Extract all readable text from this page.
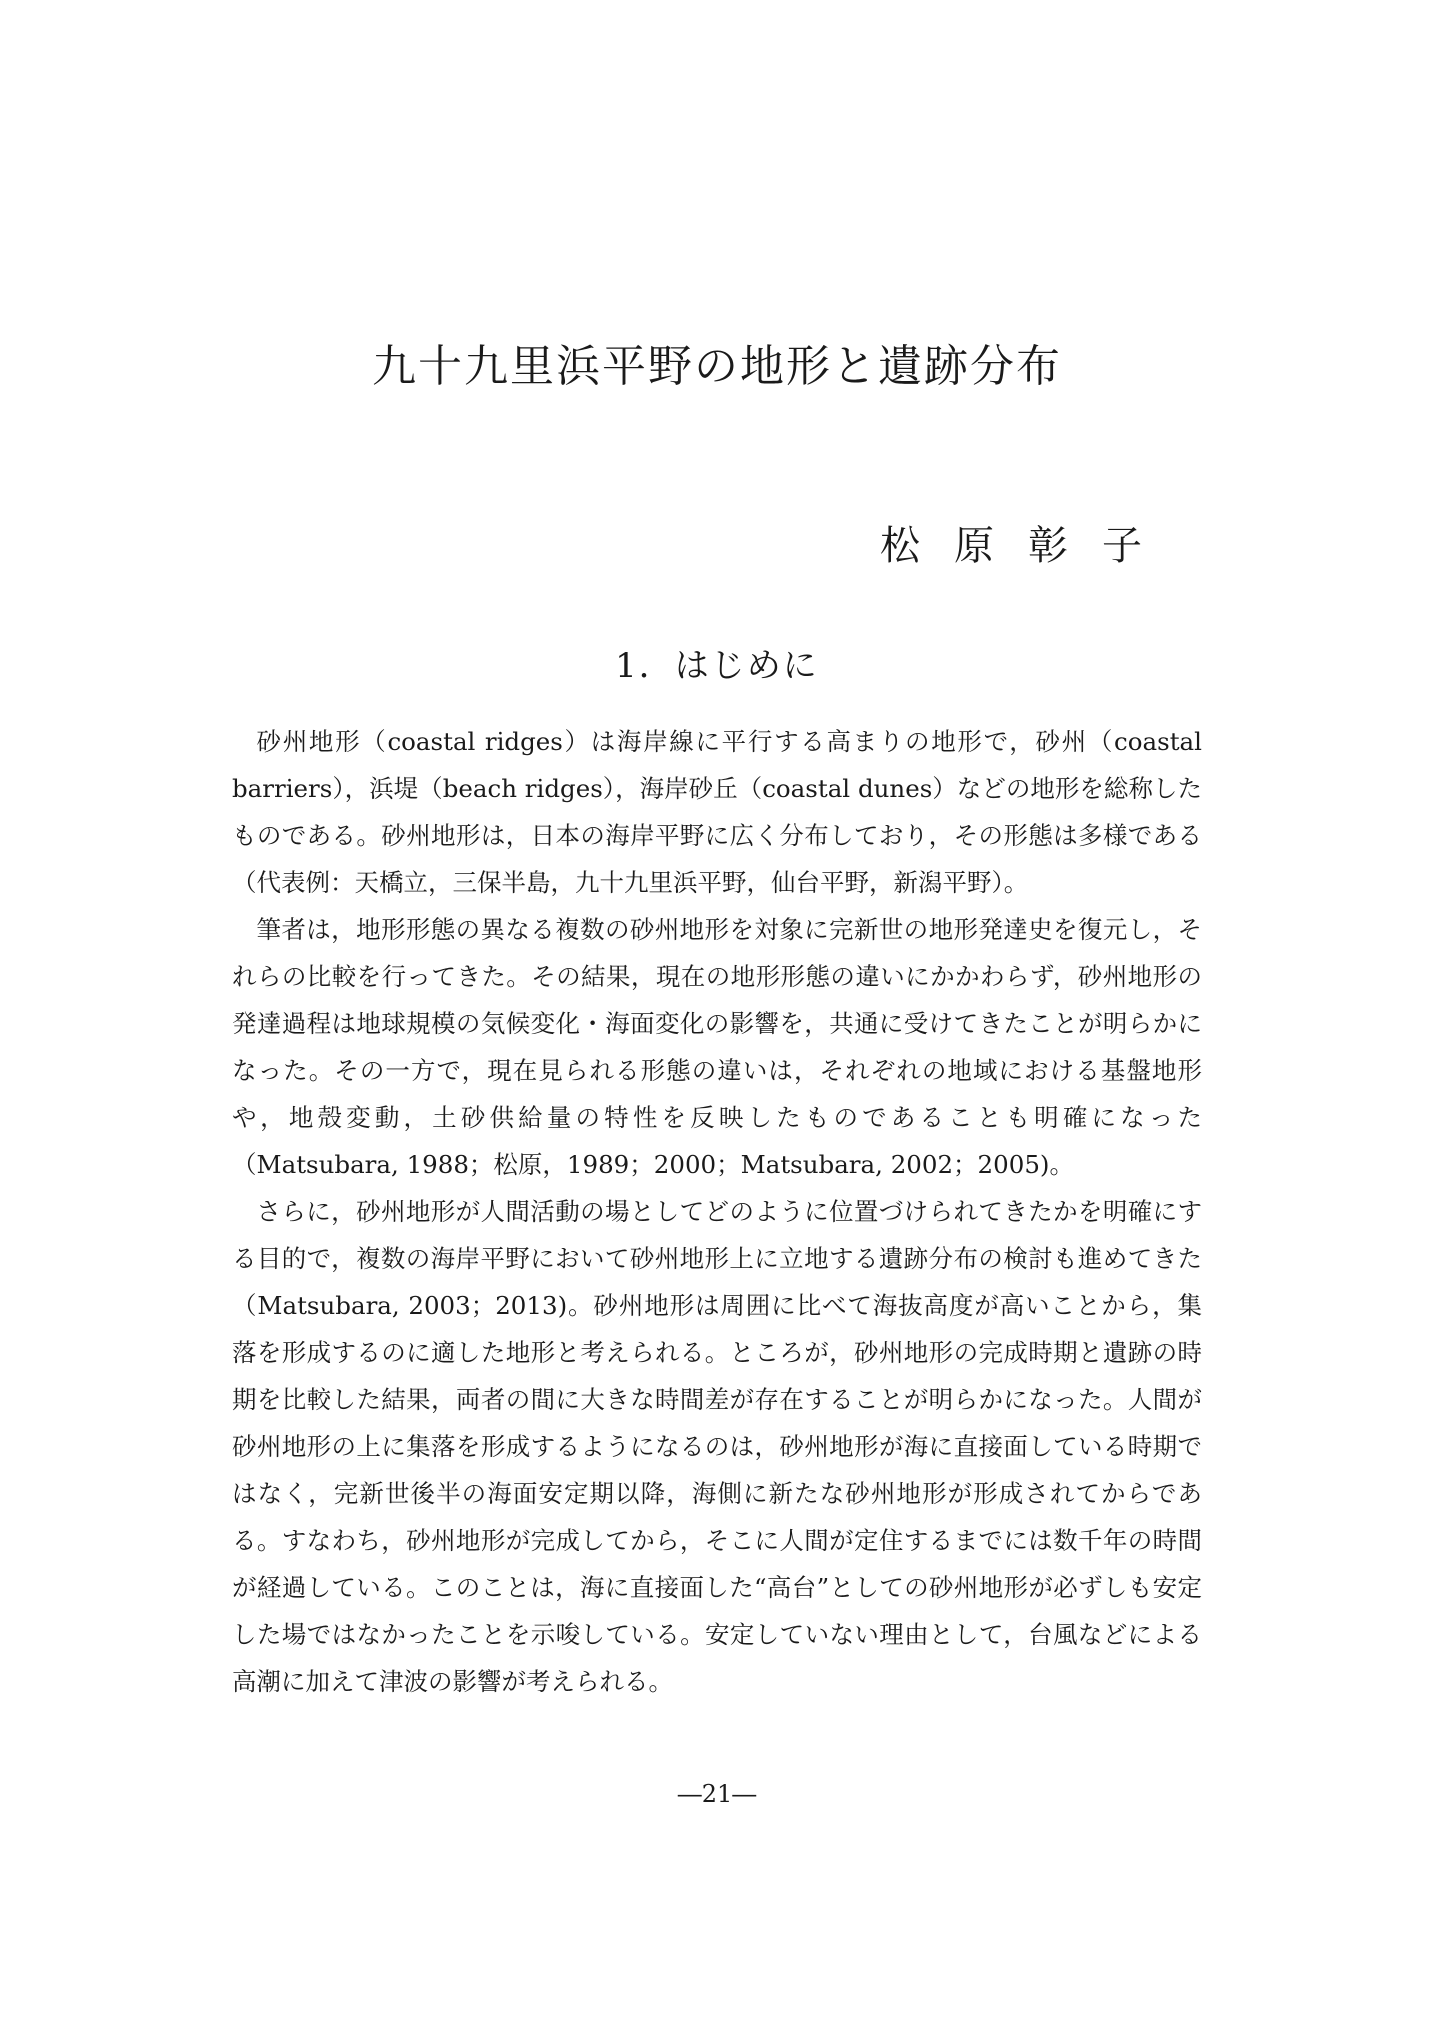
九十九里浜平野の地形と遺跡分布
松原彰子
1．はじめに

砂州地形（coastal ridges）は海岸線に平行する高まりの地形で，砂州（coastal barriers），浜堤（beach ridges），海岸砂丘（coastal dunes）などの地形を総称したものである。砂州地形は，日本の海岸平野に広く分布しており，その形態は多様である（代表例：天橋立，三保半島，九十九里浜平野，仙台平野，新潟平野）。

筆者は，地形形態の異なる複数の砂州地形を対象に完新世の地形発達史を復元し，それらの比較を行ってきた。その結果，現在の地形形態の違いにかかわらず，砂州地形の発達過程は地球規模の気候変化・海面変化の影響を，共通に受けてきたことが明らかになった。その一方で，現在見られる形態の違いは，それぞれの地域における基盤地形や，地殻変動，土砂供給量の特性を反映したものであることも明確になった（Matsubara, 1988；松原，1989；2000；Matsubara, 2002；2005)。

さらに，砂州地形が人間活動の場としてどのように位置づけられてきたかを明確にする目的で，複数の海岸平野において砂州地形上に立地する遺跡分布の検討も進めてきた（Matsubara, 2003；2013)。砂州地形は周囲に比べて海抜高度が高いことから，集落を形成するのに適した地形と考えられる。ところが，砂州地形の完成時期と遺跡の時期を比較した結果，両者の間に大きな時間差が存在することが明らかになった。人間が砂州地形の上に集落を形成するようになるのは，砂州地形が海に直接面している時期ではなく，完新世後半の海面安定期以降，海側に新たな砂州地形が形成されてからである。すなわち，砂州地形が完成してから，そこに人間が定住するまでには数千年の時間が経過している。このことは，海に直接面した“高台”としての砂州地形が必ずしも安定した場ではなかったことを示唆している。安定していない理由として，台風などによる高潮に加えて津波の影響が考えられる。

―21―
